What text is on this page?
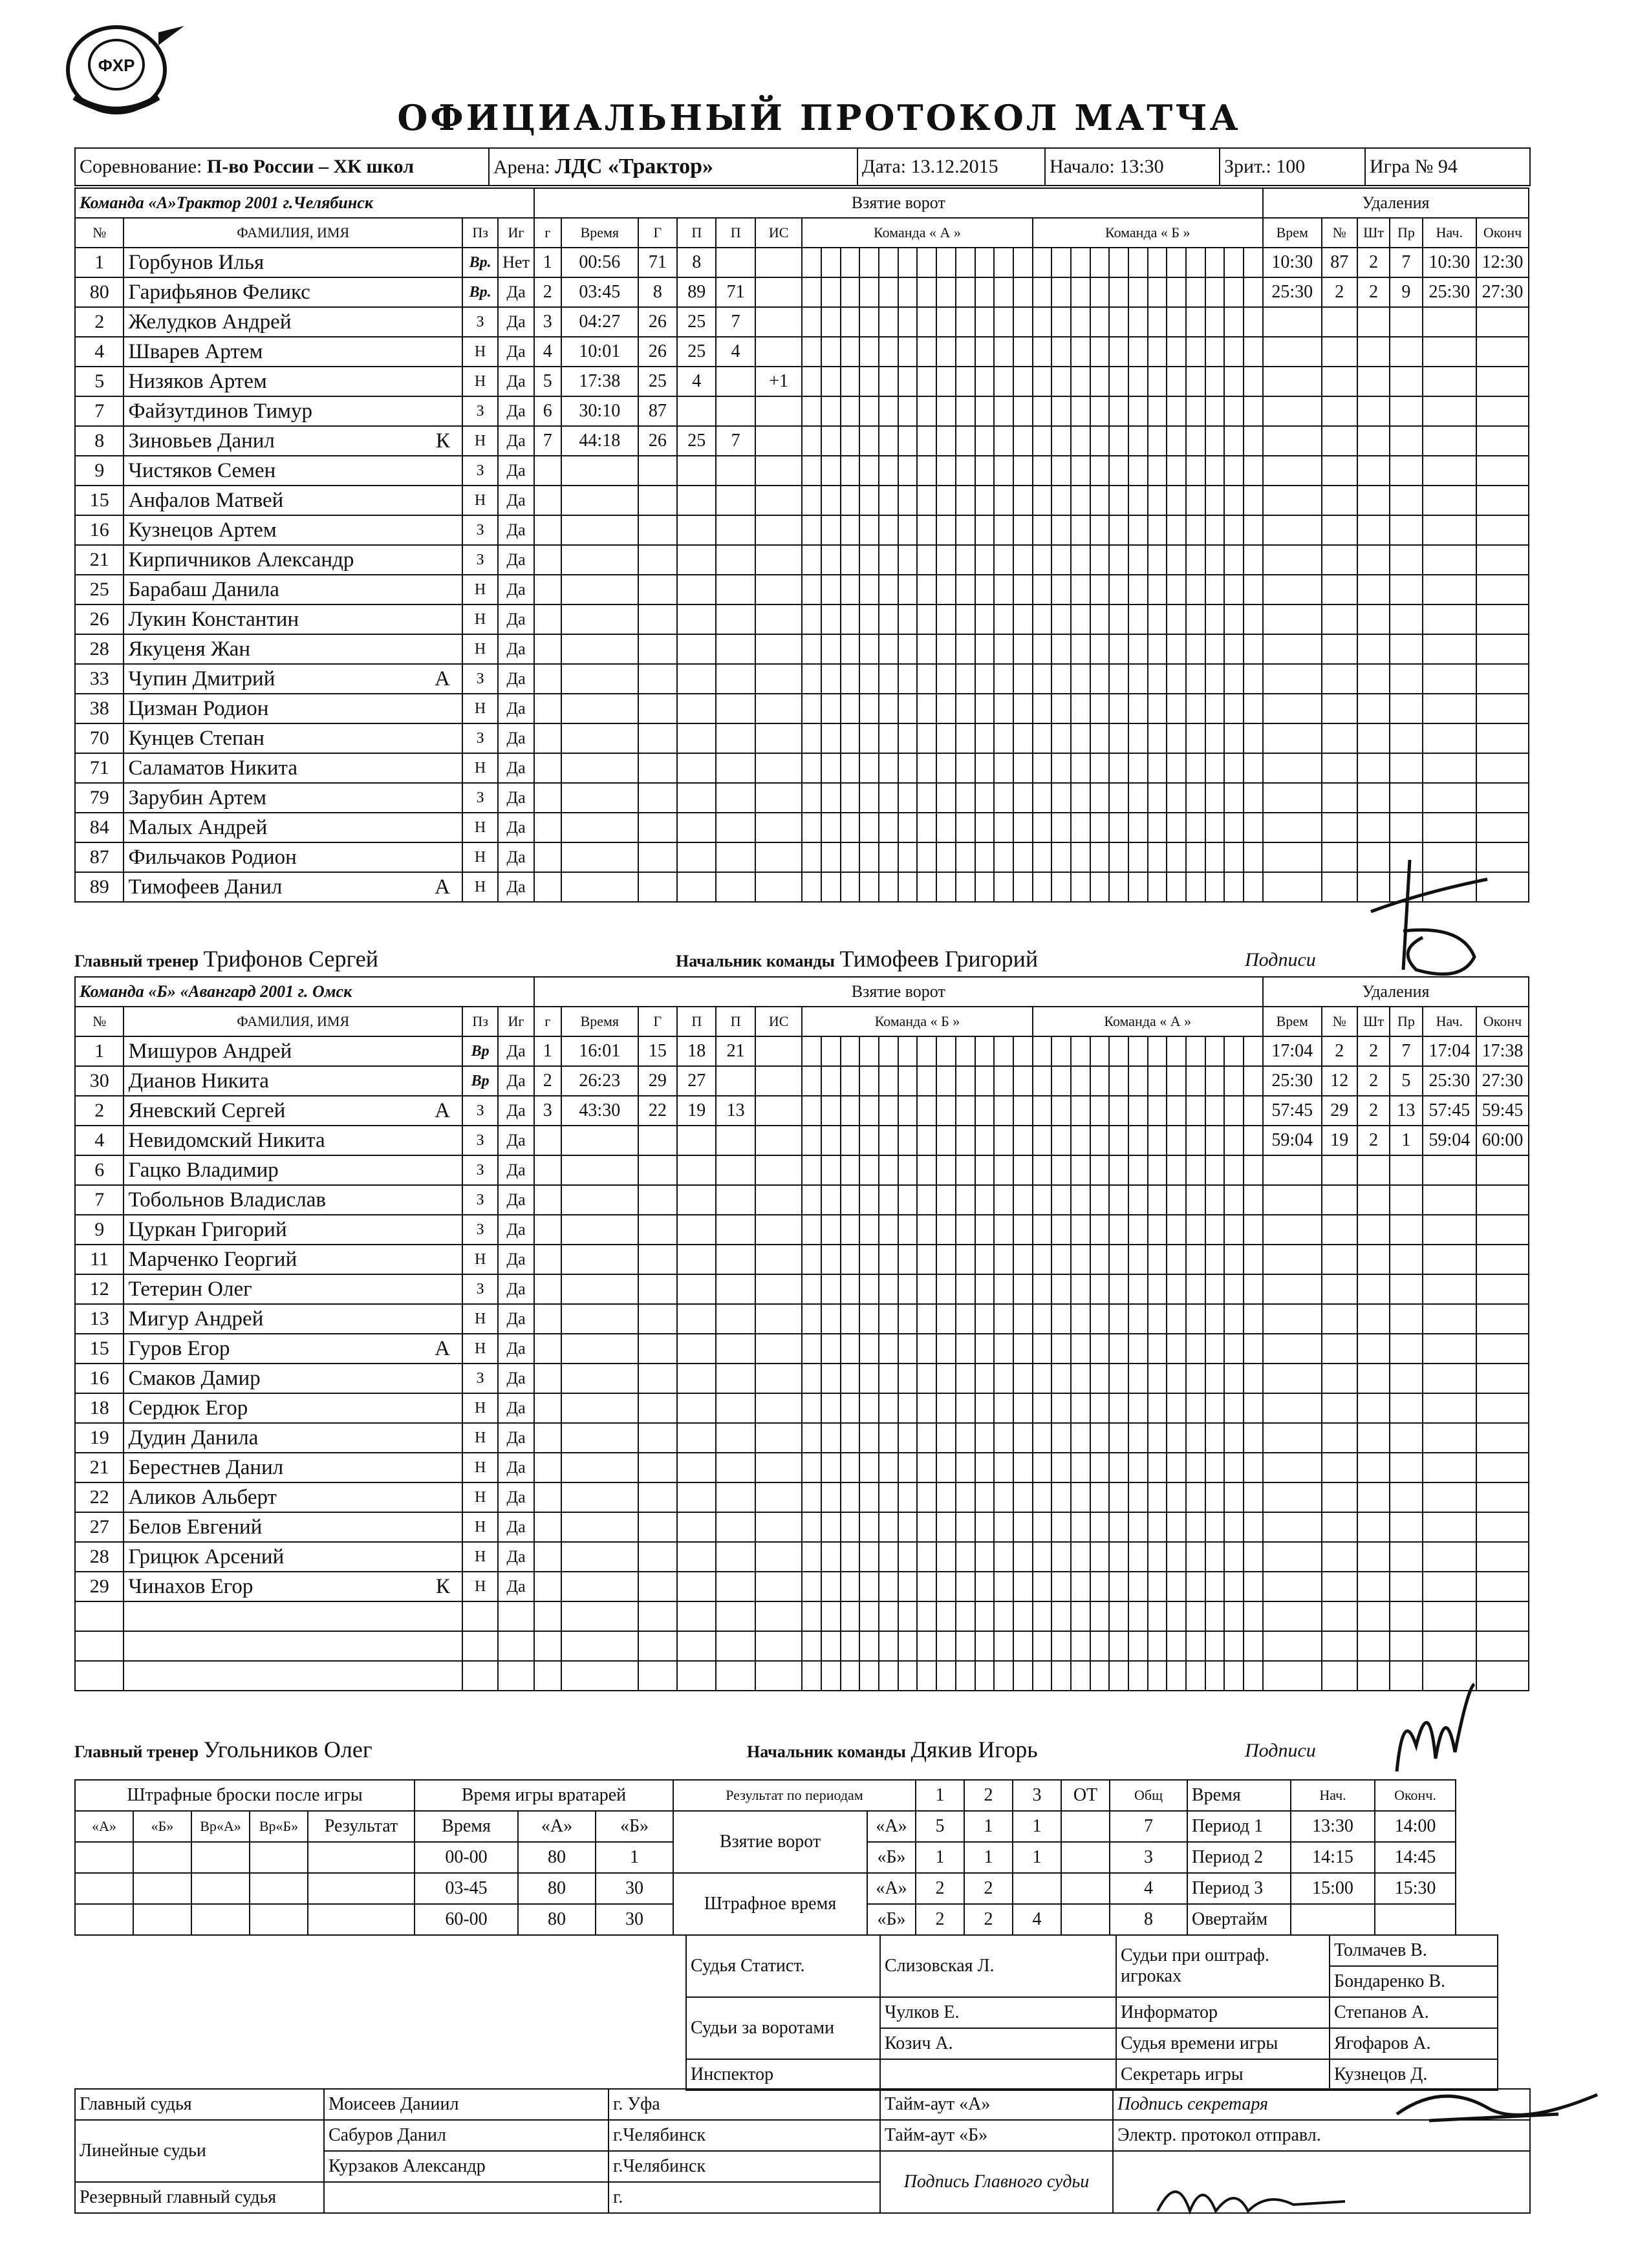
ФХР
ОФИЦИАЛЬНЫЙ ПРОТОКОЛ МАТЧА
Соревнование: П-во России – ХК школ	Арена: ЛДС «Трактор»	Дата: 13.12.2015	Начало: 13:30	Зрит.: 100	Игра № 94
Команда «А»Трактор 2001 г.Челябинск				Взятие ворот																														Удаления					
№	ФАМИЛИЯ, ИМЯ	Пз	Иг	г	Время	Г	П	П	ИС	Команда « А »												Команда « Б »												Врем	№	Шт	Пр	Нач.	Оконч
1	Горбунов Илья	Вр.	Нет	1	00:56	71	8																											10:30	87	2	7	10:30	12:30
80	Гарифьянов Феликс	Вр.	Да	2	03:45	8	89	71																										25:30	2	2	9	25:30	27:30
2	Желудков Андрей	З	Да	3	04:27	26	25	7																															
4	Шварев Артем	Н	Да	4	10:01	26	25	4																															
5	Низяков Артем	Н	Да	5	17:38	25	4		+1																														
7	Файзутдинов Тимур	З	Да	6	30:10	87																																	
8	Зиновьев Данил К	Н	Да	7	44:18	26	25	7																															
9	Чистяков Семен	З	Да																																				
15	Анфалов Матвей	Н	Да																																				
16	Кузнецов Артем	З	Да																																				
21	Кирпичников Александр	З	Да																																				
25	Барабаш Данила	Н	Да																																				
26	Лукин Константин	Н	Да																																				
28	Якуценя Жан	Н	Да																																				
33	Чупин Дмитрий А	З	Да																																				
38	Цизман Родион	Н	Да																																				
70	Кунцев Степан	З	Да																																				
71	Саламатов Никита	Н	Да																																				
79	Зарубин Артем	З	Да																																				
84	Малых Андрей	Н	Да																																				
87	Фильчаков Родион	Н	Да																																				
89	Тимофеев Данил А	Н	Да																																				
Главный тренер Трифонов Сергей	Начальник команды Тимофеев Григорий	Подписи
Команда «Б» «Авангард 2001 г. Омск				Взятие ворот																														Удаления					
№	ФАМИЛИЯ, ИМЯ	Пз	Иг	г	Время	Г	П	П	ИС	Команда « Б »												Команда « А »												Врем	№	Шт	Пр	Нач.	Оконч
1	Мишуров Андрей	Вр	Да	1	16:01	15	18	21																										17:04	2	2	7	17:04	17:38
30	Дианов Никита	Вр	Да	2	26:23	29	27																											25:30	12	2	5	25:30	27:30
2	Яневский Сергей А	З	Да	3	43:30	22	19	13																										57:45	29	2	13	57:45	59:45
4	Невидомский Никита	З	Да																															59:04	19	2	1	59:04	60:00
6	Гацко Владимир	З	Да																																				
7	Тобольнов Владислав	З	Да																																				
9	Цуркан Григорий	З	Да																																				
11	Марченко Георгий	Н	Да																																				
12	Тетерин Олег	З	Да																																				
13	Мигур Андрей	Н	Да																																				
15	Гуров Егор А	Н	Да																																				
16	Смаков Дамир	З	Да																																				
18	Сердюк Егор	Н	Да																																				
19	Дудин Данила	Н	Да																																				
21	Берестнев Данил	Н	Да																																				
22	Аликов Альберт	Н	Да																																				
27	Белов Евгений	Н	Да																																				
28	Грицюк Арсений	Н	Да																																				
29	Чинахов Егор К	Н	Да																																				

Главный тренер Угольников Олег	Начальник команды Дякив Игорь	Подписи
Штрафные броски после игры					Время игры вратарей			Результат по периодам		1	2	3	ОТ	Общ	Время	Нач.	Оконч.
«А»	«Б»	Вр«А»	Вр«Б»	Результат	Время	«А»	«Б»	Взятие ворот	«А»	5	1	1		7	Период 1	13:30	14:00
					00-00	80	1		«Б»	1	1	1		3	Период 2	14:15	14:45
					03-45	80	30	Штрафное время	«А»	2	2			4	Период 3	15:00	15:30
					60-00	80	30		«Б»	2	2	4		8	Овертайм		
Судья Статист.	Слизовская Л.	Судьи при оштраф. игроках	Толмачев В.
			Бондаренко В.
Судьи за воротами	Чулков Е.	Информатор	Степанов А.
	Козич А.	Судья времени игры	Ягофаров А.
Инспектор		Секретарь игры	Кузнецов Д.
Главный судья	Моисеев Даниил	г. Уфа	Тайм-аут «А»	Подпись секретаря
Линейные судьи	Сабуров Данил	г.Челябинск	Тайм-аут «Б»	Электр. протокол отправл.
	Курзаков Александр	г.Челябинск	Подпись Главного судьи	
Резервный главный судья		г.		
